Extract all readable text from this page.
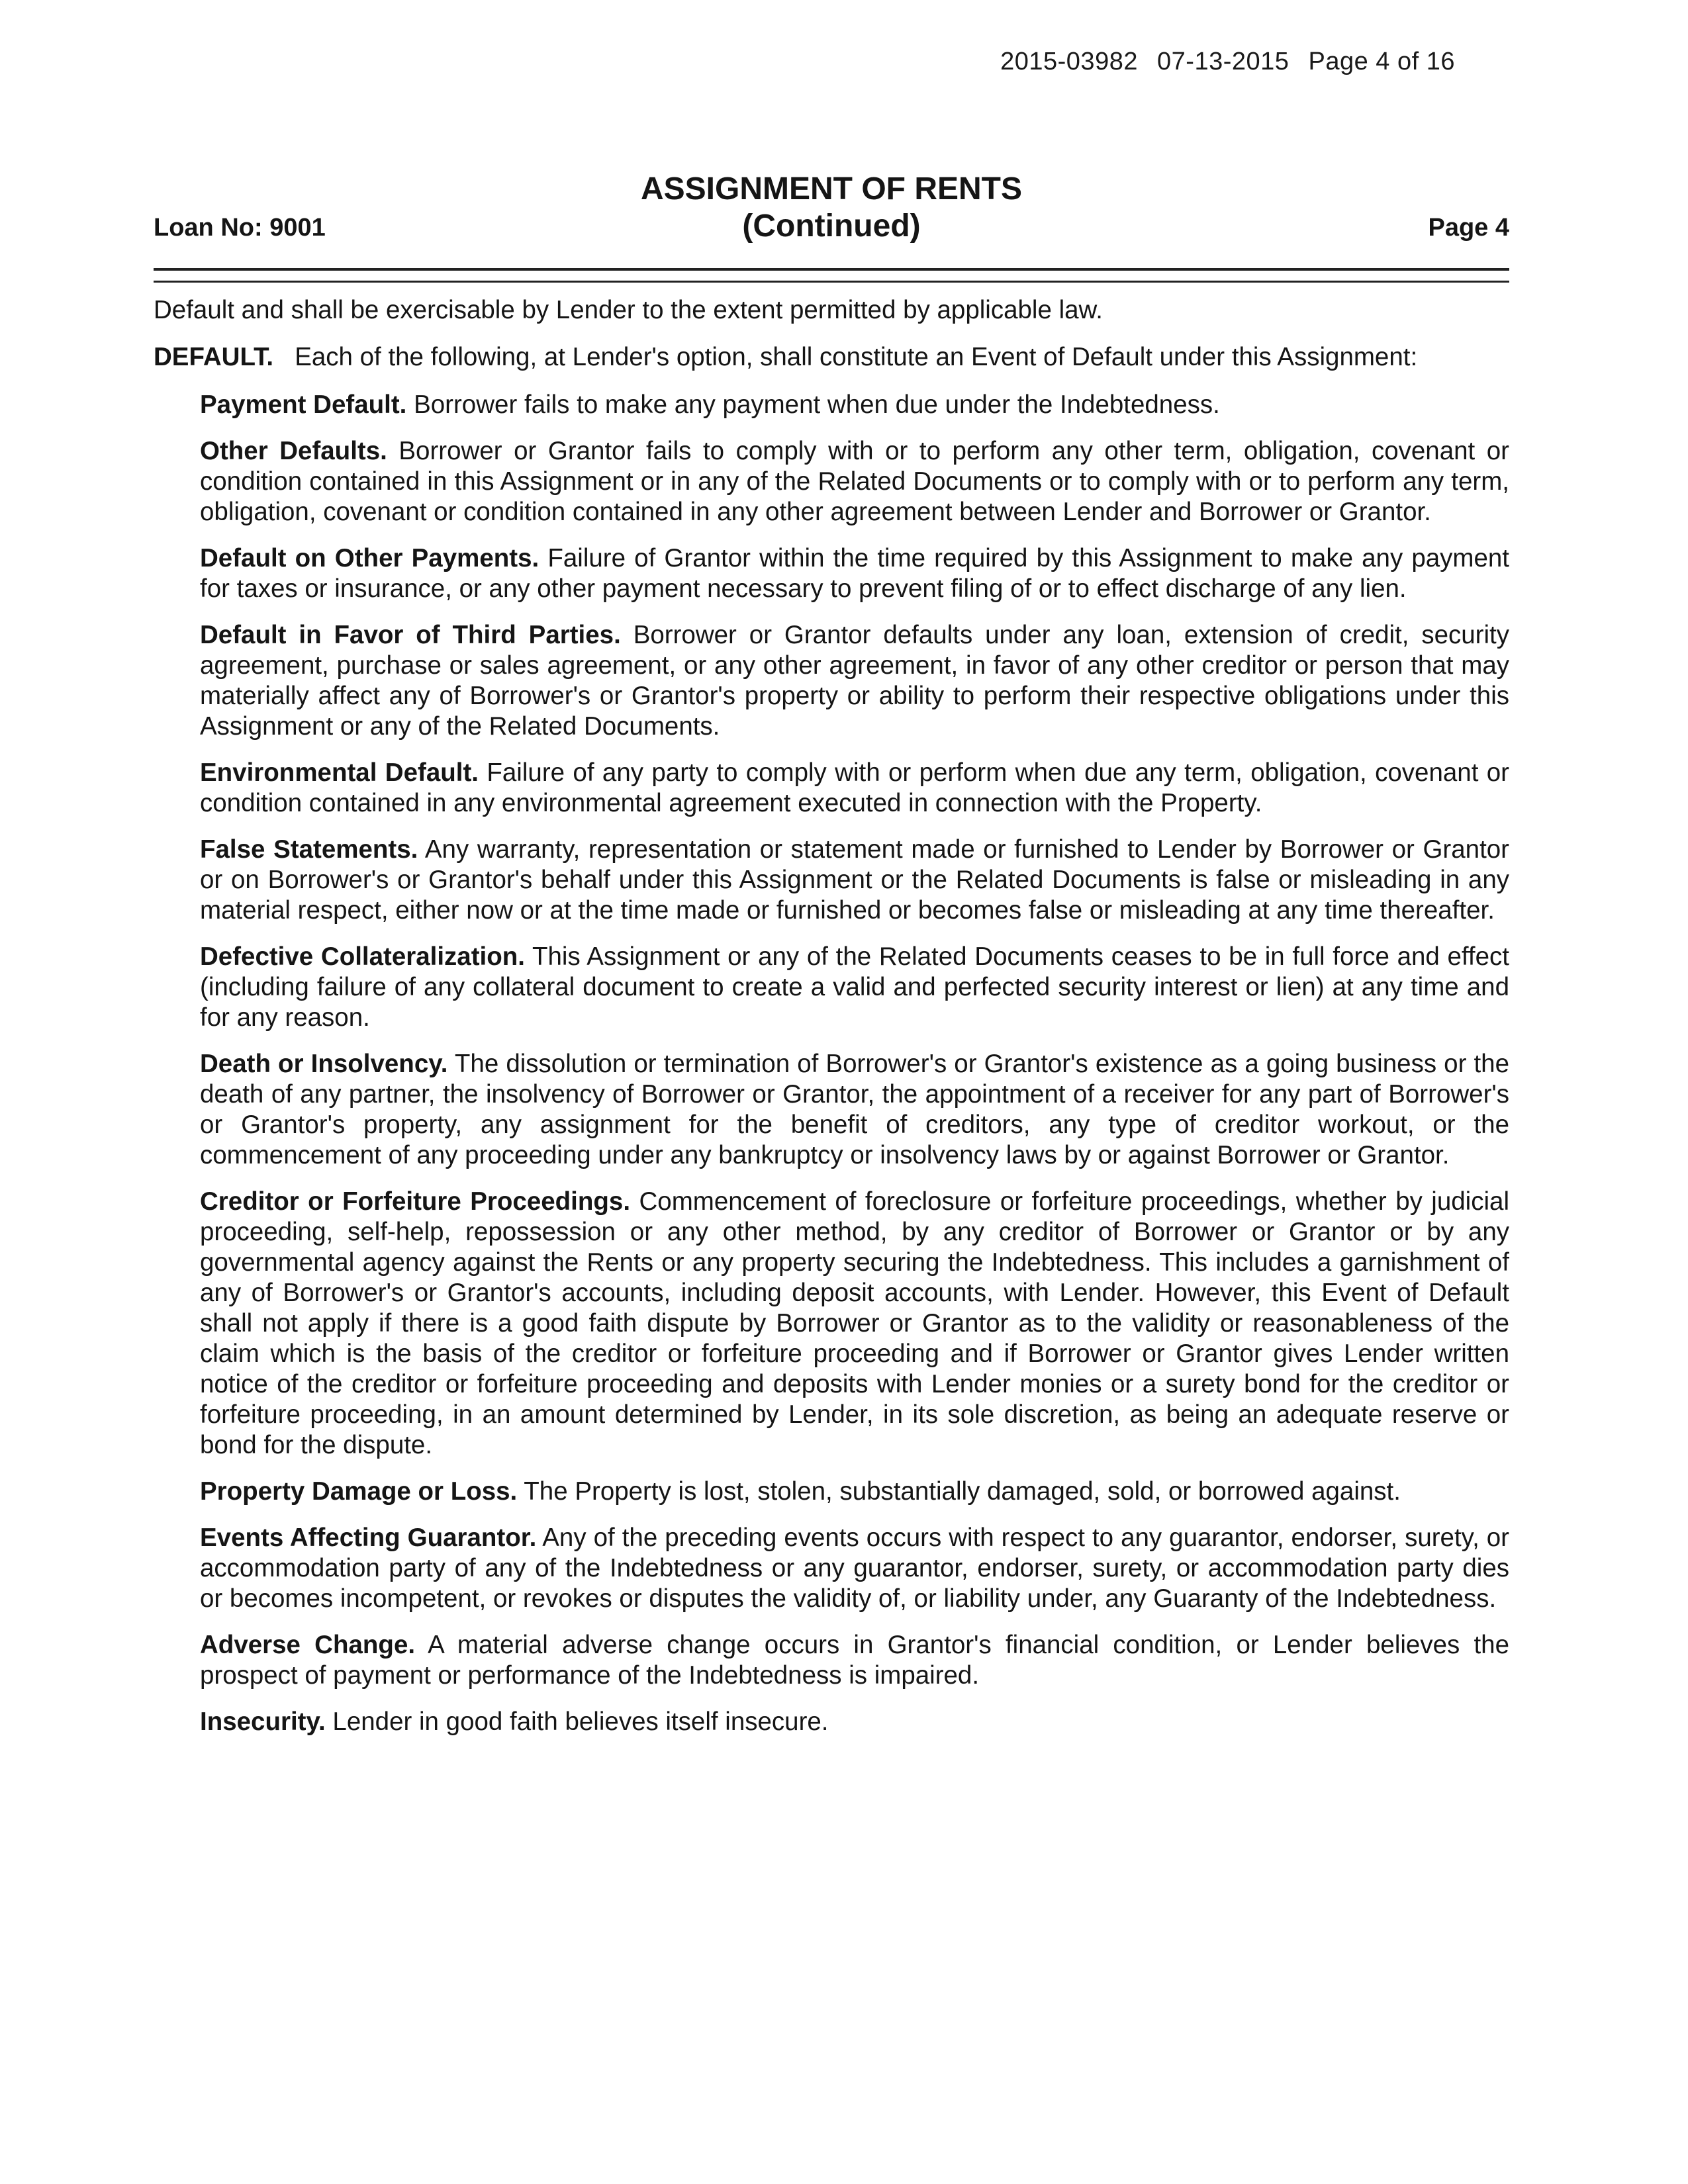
2015-03982 07-13-2015 Page 4 of 16
Loan No: 9001
ASSIGNMENT OF RENTS
(Continued)	Page 4

Default and shall be exercisable by Lender to the extent permitted by applicable law.

DEFAULT. Each of the following, at Lender's option, shall constitute an Event of Default under this Assignment:

Payment Default. Borrower fails to make any payment when due under the Indebtedness.

Other Defaults. Borrower or Grantor fails to comply with or to perform any other term, obligation, covenant or condition contained in this Assignment or in any of the Related Documents or to comply with or to perform any term, obligation, covenant or condition contained in any other agreement between Lender and Borrower or Grantor.

Default on Other Payments. Failure of Grantor within the time required by this Assignment to make any payment for taxes or insurance, or any other payment necessary to prevent filing of or to effect discharge of any lien.

Default in Favor of Third Parties. Borrower or Grantor defaults under any loan, extension of credit, security agreement, purchase or sales agreement, or any other agreement, in favor of any other creditor or person that may materially affect any of Borrower's or Grantor's property or ability to perform their respective obligations under this Assignment or any of the Related Documents.

Environmental Default. Failure of any party to comply with or perform when due any term, obligation, covenant or condition contained in any environmental agreement executed in connection with the Property.

False Statements. Any warranty, representation or statement made or furnished to Lender by Borrower or Grantor or on Borrower's or Grantor's behalf under this Assignment or the Related Documents is false or misleading in any material respect, either now or at the time made or furnished or becomes false or misleading at any time thereafter.

Defective Collateralization. This Assignment or any of the Related Documents ceases to be in full force and effect (including failure of any collateral document to create a valid and perfected security interest or lien) at any time and for any reason.

Death or Insolvency. The dissolution or termination of Borrower's or Grantor's existence as a going business or the death of any partner, the insolvency of Borrower or Grantor, the appointment of a receiver for any part of Borrower's or Grantor's property, any assignment for the benefit of creditors, any type of creditor workout, or the commencement of any proceeding under any bankruptcy or insolvency laws by or against Borrower or Grantor.

Creditor or Forfeiture Proceedings. Commencement of foreclosure or forfeiture proceedings, whether by judicial proceeding, self-help, repossession or any other method, by any creditor of Borrower or Grantor or by any governmental agency against the Rents or any property securing the Indebtedness. This includes a garnishment of any of Borrower's or Grantor's accounts, including deposit accounts, with Lender. However, this Event of Default shall not apply if there is a good faith dispute by Borrower or Grantor as to the validity or reasonableness of the claim which is the basis of the creditor or forfeiture proceeding and if Borrower or Grantor gives Lender written notice of the creditor or forfeiture proceeding and deposits with Lender monies or a surety bond for the creditor or forfeiture proceeding, in an amount determined by Lender, in its sole discretion, as being an adequate reserve or bond for the dispute.

Property Damage or Loss. The Property is lost, stolen, substantially damaged, sold, or borrowed against.

Events Affecting Guarantor. Any of the preceding events occurs with respect to any guarantor, endorser, surety, or accommodation party of any of the Indebtedness or any guarantor, endorser, surety, or accommodation party dies or becomes incompetent, or revokes or disputes the validity of, or liability under, any Guaranty of the Indebtedness.

Adverse Change. A material adverse change occurs in Grantor's financial condition, or Lender believes the prospect of payment or performance of the Indebtedness is impaired.

Insecurity. Lender in good faith believes itself insecure.
